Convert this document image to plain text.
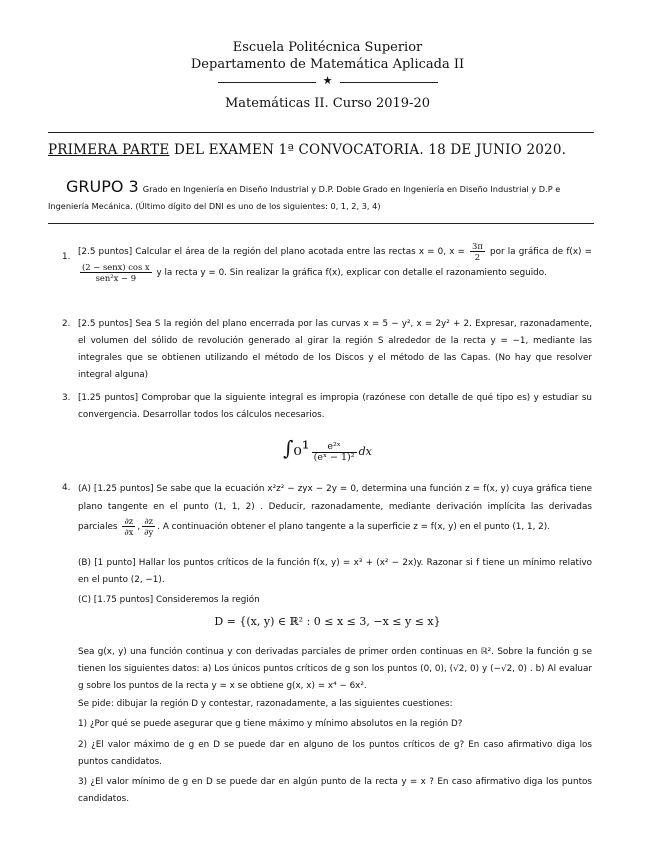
Escuela Politécnica Superior
Departamento de Matemática Aplicada II
★
Matemáticas II. Curso 2019-20
PRIMERA PARTE DEL EXAMEN 1ª CONVOCATORIA. 18 DE JUNIO 2020.
GRUPO 3 Grado en Ingeniería en Diseño Industrial y D.P. Doble Grado en Ingeniería en Diseño Industrial y D.P e Ingeniería Mecánica. (Último dígito del DNI es uno de los siguientes: 0, 1, 2, 3, 4)
1. [2.5 puntos] Calcular el área de la región del plano acotada entre las rectas x = 0, $x = \frac{3\pi}{2}$ por la gráfica de f(x) =
$\frac{\text{(2 − senx) cos x}}{\text{sen²x − 9}}$ y la recta y = 0. Sin realizar la gráfica f(x), explicar con detalle el razonamiento seguido.
2. [2.5 puntos] Sea S la región del plano encerrada por las curvas x = 5 − y², x = 2y² + 2. Expresar, razonadamente, el volumen del sólido de revolución generado al girar la región S alrededor de la recta y = −1, mediante las integrales que se obtienen utilizando el método de los Discos y el método de las Capas. (No hay que resolver integral alguna)
3. [1.25 puntos] Comprobar que la siguiente integral es impropia (razónese con detalle de qué tipo es) y estudiar su convergencia. Desarrollar todos los cálculos necesarios.
$\int_0^1 \frac{\text{e²ˣ}}{\text{(eˣ − 1)²}}$ dx
4. (A) [1.25 puntos] Se sabe que la ecuación x²z² − zyx − 2y = 0, determina una función z = f(x, y) cuya gráfica tiene plano tangente en el punto (1, 1, 2) . Deducir, razonadamente, mediante derivación implícita las derivadas parciales $\frac{\partial z}{\partial x}$ , $\frac{\partial z}{\partial y}$ . A continuación obtener el plano tangente a la superficie z = f(x, y) en el punto (1, 1, 2).
(B) [1 punto] Hallar los puntos críticos de la función f(x, y) = x³ + (x² − 2x)y. Razonar si f tiene un mínimo relativo en el punto (2, −1).
(C) [1.75 puntos] Consideremos la región
D = {(x, y) ∈ ℝ² : 0 ≤ x ≤ 3, −x ≤ y ≤ x}
Sea g(x, y) una función continua y con derivadas parciales de primer orden continuas en ℝ². Sobre la función g se tienen los siguientes datos: a) Los únicos puntos críticos de g son los puntos (0, 0), (√2, 0) y (−√2, 0) . b) Al evaluar g sobre los puntos de la recta y = x se obtiene g(x, x) = x⁴ − 6x².
Se pide: dibujar la región D y contestar, razonadamente, a las siguientes cuestiones:
1) ¿Por qué se puede asegurar que g tiene máximo y mínimo absolutos en la región D?
2) ¿El valor máximo de g en D se puede dar en alguno de los puntos críticos de g? En caso afirmativo diga los puntos candidatos.
3) ¿El valor mínimo de g en D se puede dar en algún punto de la recta y = x ? En caso afirmativo diga los puntos candidatos.
